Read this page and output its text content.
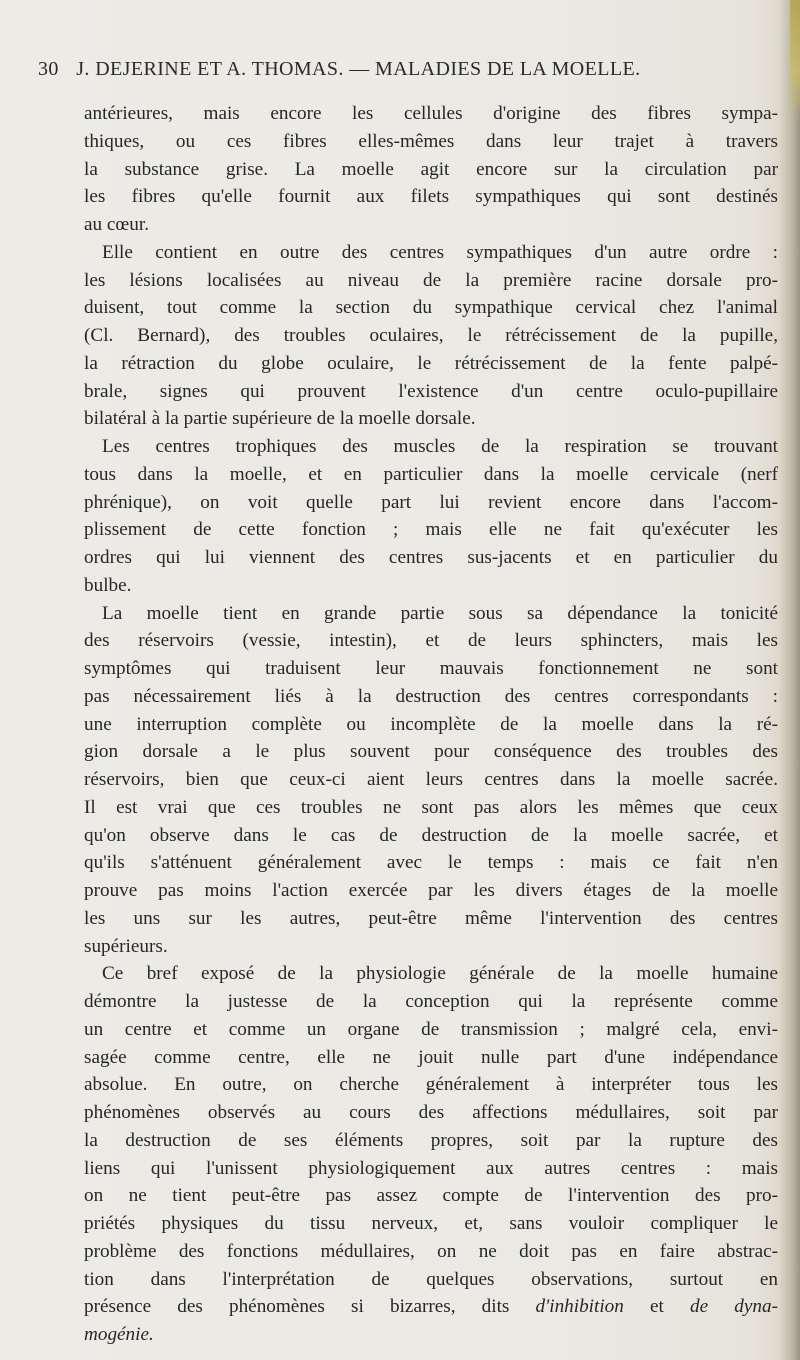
30 J. DEJERINE ET A. THOMAS. — MALADIES DE LA MOELLE.
antérieures, mais encore les cellules d'origine des fibres sympa-
thiques, ou ces fibres elles-mêmes dans leur trajet à travers
la substance grise. La moelle agit encore sur la circulation par
les fibres qu'elle fournit aux filets sympathiques qui sont destinés
au cœur.
Elle contient en outre des centres sympathiques d'un autre ordre :
les lésions localisées au niveau de la première racine dorsale pro-
duisent, tout comme la section du sympathique cervical chez l'animal
(Cl. Bernard), des troubles oculaires, le rétrécissement de la pupille,
la rétraction du globe oculaire, le rétrécissement de la fente palpé-
brale, signes qui prouvent l'existence d'un centre oculo-pupillaire
bilatéral à la partie supérieure de la moelle dorsale.
Les centres trophiques des muscles de la respiration se trouvant
tous dans la moelle, et en particulier dans la moelle cervicale (nerf
phrénique), on voit quelle part lui revient encore dans l'accom-
plissement de cette fonction ; mais elle ne fait qu'exécuter les
ordres qui lui viennent des centres sus-jacents et en particulier du
bulbe.
La moelle tient en grande partie sous sa dépendance la tonicité
des réservoirs (vessie, intestin), et de leurs sphincters, mais les
symptômes qui traduisent leur mauvais fonctionnement ne sont
pas nécessairement liés à la destruction des centres correspondants :
une interruption complète ou incomplète de la moelle dans la ré-
gion dorsale a le plus souvent pour conséquence des troubles des
réservoirs, bien que ceux-ci aient leurs centres dans la moelle sacrée.
Il est vrai que ces troubles ne sont pas alors les mêmes que ceux
qu'on observe dans le cas de destruction de la moelle sacrée, et
qu'ils s'atténuent généralement avec le temps : mais ce fait n'en
prouve pas moins l'action exercée par les divers étages de la moelle
les uns sur les autres, peut-être même l'intervention des centres
supérieurs.
Ce bref exposé de la physiologie générale de la moelle humaine
démontre la justesse de la conception qui la représente comme
un centre et comme un organe de transmission ; malgré cela, envi-
sagée comme centre, elle ne jouit nulle part d'une indépendance
absolue. En outre, on cherche généralement à interpréter tous les
phénomènes observés au cours des affections médullaires, soit par
la destruction de ses éléments propres, soit par la rupture des
liens qui l'unissent physiologiquement aux autres centres : mais
on ne tient peut-être pas assez compte de l'intervention des pro-
priétés physiques du tissu nerveux, et, sans vouloir compliquer le
problème des fonctions médullaires, on ne doit pas en faire abstrac-
tion dans l'interprétation de quelques observations, surtout en
présence des phénomènes si bizarres, dits d'inhibition et de dyna-
mogénie.
